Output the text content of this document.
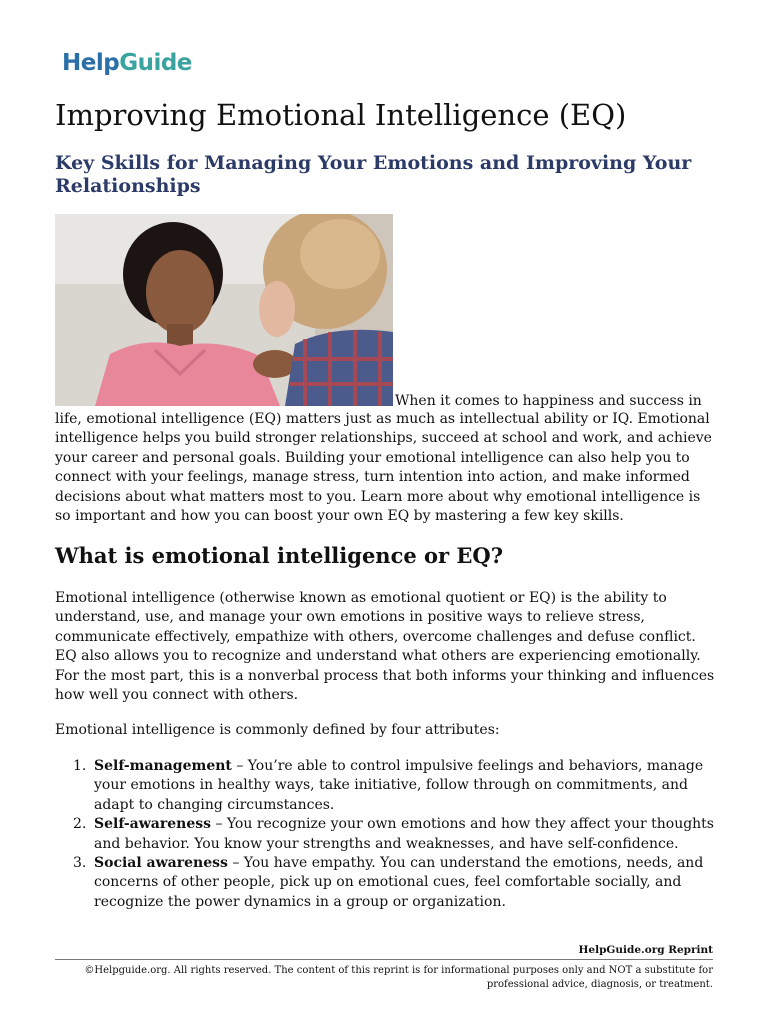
HelpGuide
Improving Emotional Intelligence (EQ)
Key Skills for Managing Your Emotions and Improving Your Relationships
When it comes to happiness and success in

life, emotional intelligence (EQ) matters just as much as intellectual ability or IQ. Emotional intelligence helps you build stronger relationships, succeed at school and work, and achieve your career and personal goals. Building your emotional intelligence can also help you to connect with your feelings, manage stress, turn intention into action, and make informed decisions about what matters most to you. Learn more about why emotional intelligence is so important and how you can boost your own EQ by mastering a few key skills.

What is emotional intelligence or EQ?

Emotional intelligence (otherwise known as emotional quotient or EQ) is the ability to understand, use, and manage your own emotions in positive ways to relieve stress, communicate effectively, empathize with others, overcome challenges and defuse conflict. EQ also allows you to recognize and understand what others are experiencing emotionally. For the most part, this is a nonverbal process that both informs your thinking and influences how well you connect with others.

Emotional intelligence is commonly defined by four attributes:

1. Self-management – You’re able to control impulsive feelings and behaviors, manage your emotions in healthy ways, take initiative, follow through on commitments, and adapt to changing circumstances.
2. Self-awareness – You recognize your own emotions and how they affect your thoughts and behavior. You know your strengths and weaknesses, and have self-confidence.
3. Social awareness – You have empathy. You can understand the emotions, needs, and concerns of other people, pick up on emotional cues, feel comfortable socially, and recognize the power dynamics in a group or organization.
HelpGuide.org Reprint

©Helpguide.org. All rights reserved. The content of this reprint is for informational purposes only and NOT a substitute for professional advice, diagnosis, or treatment.
